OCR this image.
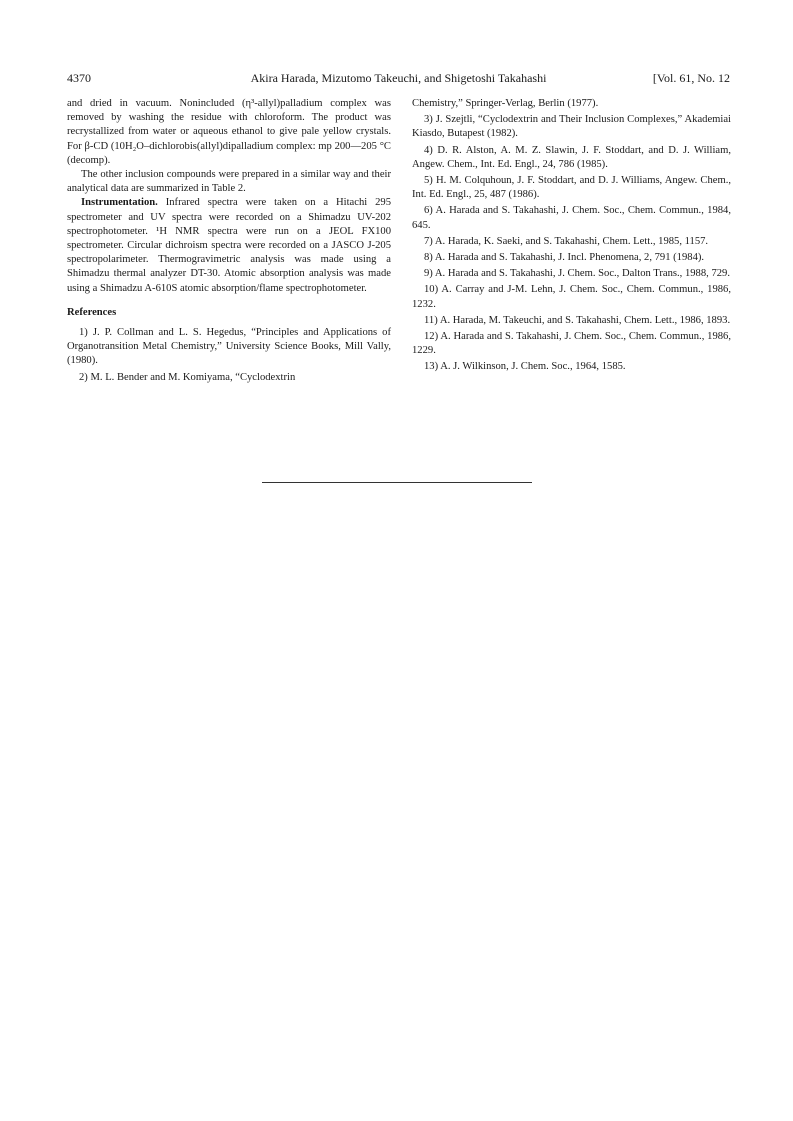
4370	Akira Harada, Mizutomo Takeuchi, and Shigetoshi Takahashi	[Vol. 61, No. 12

and dried in vacuum. Nonincluded (η³-allyl)palladium complex was removed by washing the residue with chloroform. The product was recrystallized from water or aqueous ethanol to give pale yellow crystals. For β-CD (10H₂O–dichlorobis(allyl)dipalladium complex: mp 200—205 °C (decomp).

The other inclusion compounds were prepared in a similar way and their analytical data are summarized in Table 2.

Instrumentation. Infrared spectra were taken on a Hitachi 295 spectrometer and UV spectra were recorded on a Shimadzu UV-202 spectrophotometer. ¹H NMR spectra were run on a JEOL FX100 spectrometer. Circular dichroism spectra were recorded on a JASCO J-205 spectropolarimeter. Thermogravimetric analysis was made using a Shimadzu thermal analyzer DT-30. Atomic absorption analysis was made using a Shimadzu A-610S atomic absorption/flame spectrophotometer.

References

1) J. P. Collman and L. S. Hegedus, “Principles and Applications of Organotransition Metal Chemistry,” University Science Books, Mill Vally, (1980).

2) M. L. Bender and M. Komiyama, “Cyclodextrin

Chemistry,” Springer-Verlag, Berlin (1977).

3) J. Szejtli, “Cyclodextrin and Their Inclusion Complexes,” Akademiai Kiasdo, Butapest (1982).

4) D. R. Alston, A. M. Z. Slawin, J. F. Stoddart, and D. J. William, Angew. Chem., Int. Ed. Engl., 24, 786 (1985).

5) H. M. Colquhoun, J. F. Stoddart, and D. J. Williams, Angew. Chem., Int. Ed. Engl., 25, 487 (1986).

6) A. Harada and S. Takahashi, J. Chem. Soc., Chem. Commun., 1984, 645.

7) A. Harada, K. Saeki, and S. Takahashi, Chem. Lett., 1985, 1157.

8) A. Harada and S. Takahashi, J. Incl. Phenomena, 2, 791 (1984).

9) A. Harada and S. Takahashi, J. Chem. Soc., Dalton Trans., 1988, 729.

10) A. Carray and J-M. Lehn, J. Chem. Soc., Chem. Commun., 1986, 1232.

11) A. Harada, M. Takeuchi, and S. Takahashi, Chem. Lett., 1986, 1893.

12) A. Harada and S. Takahashi, J. Chem. Soc., Chem. Commun., 1986, 1229.

13) A. J. Wilkinson, J. Chem. Soc., 1964, 1585.
